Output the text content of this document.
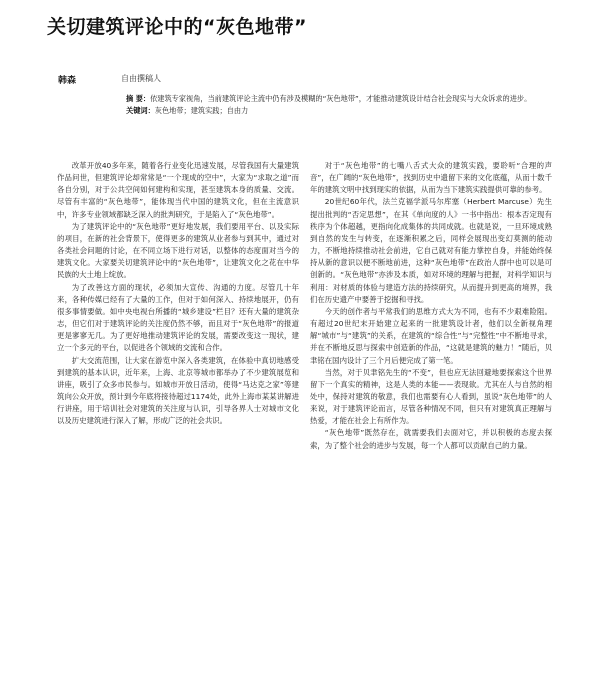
关切建筑评论中的“灰色地带”
韩森	自由撰稿人
摘 要：依建筑专家视角，当前建筑评论主流中仍有涉及模糊的“灰色地带”，才能推动建筑设计结合社会现实与大众诉求的进步。
关键词：灰色地带；建筑实践；自由力

改革开放40多年来，随着各行业变化迅速发展，尽管我国有大量建筑作品问世，但建筑评论却常常是“一个现成的空中”，大家为“求取之道”而各自分别，对于公共空间如何建构和实现，甚至建筑本身的质量、交流。尽管有丰富的“灰色地带”，能体现当代中国的建筑文化，但在主流意识中，许多专业领域都缺乏深入的批判研究，于是陷入了“灰色地带”。

为了建筑评论中的“灰色地带”更好地发展，我们要用平台、以及实际的项目，在新的社会背景下，使得更多的建筑从业者参与到其中，通过对各类社会问题的讨论，在不同立场下进行对话，以整体的态度面对当今的建筑文化。大家要关切建筑评论中的“灰色地带”，让建筑文化之花在中华民族的大土地上绽放。

为了改善这方面的现状，必须加大宣传、沟通的力度。尽管几十年来，各种传媒已经有了大量的工作，但对于如何深入、持续地展开，仍有很多事情要做。如中央电视台所播的“城乡建设”栏目？还有大量的建筑杂志，但它们对于建筑评论的关注度仍然不够，而且对于“灰色地带”的报道更是寥寥无几。为了更好地推动建筑评论的发展，需要改变这一现状，建立一个多元的平台，以促进各个领域的交流和合作。

扩大交流范围，让大家在游览中深入各类建筑，在体验中真切地感受到建筑的基本认识，近年来，上海、北京等城市都举办了不少建筑展览和讲座，吸引了众多市民参与。如城市开放日活动，使得“马达克之家”等建筑向公众开放，预计到今年底将接待超过1174处，此外上海市某某讲解进行讲座，用于培训社会对建筑的关注度与认识，引导各界人士对城市文化以及历史建筑进行深入了解，形成广泛的社会共识。

对于“灰色地带”的七嘴八舌式大众的建筑实践，要聆听“合理的声音”，在广阔的“灰色地带”，找到历史中遗留下来的文化底蕴，从而十数千年的建筑文明中找到现实的依据，从而为当下建筑实践提供可靠的参考。

20世纪60年代，法兰克福学派马尔库塞（Herbert Marcuse）先生提出批判的“否定思想”，在其《单向度的人》一书中指出：根本否定现有秩序为个体超越，更指向化成集体的共同成就。也就是说，一旦环境成熟到自然的发生与转变，在逐渐积累之后，同样会展现出变幻莫测的能动力，不断地持续推动社会前进，它自己就对有能力掌控自身，并能始终保持从新的意识以便不断地前进，这种“灰色地带”在政治人群中也可以是可创新的。“灰色地带”亦涉及本质，如对环境的理解与把握，对科学知识与利用：对材质的体验与建造方法的持续研究，从而提升到更高的境界，我们在历史遗产中要善于挖掘和寻找。

今天的创作者与平常我们的思维方式大为不同，也有不少艰难险阻。有超过20世纪末开始建立起来的一批建筑设计者，他们以全新视角理解“城市”与“建筑”的关系，在建筑的“综合性”与“完整性”中不断地寻求，并在不断地反思与探索中创造新的作品，“这就是建筑的魅力！”随后，贝聿铭在国内设计了三个月后便完成了第一笔。

当然，对于贝聿铭先生的“不变”，但也应无法回避地要探索这个世界留下一个真实的精神，这是人类的本能——表现欲。尤其在人与自然的相处中，保持对建筑的敬意，我们也需要有心人看到，虽说“灰色地带”的人来说，对于建筑评论而言，尽管各种情况不同，但只有对建筑真正理解与热爱，才能在社会上有所作为。

“灰色地带”既然存在，就需要我们去面对它，并以积极的态度去探索，为了整个社会的进步与发展，每一个人都可以贡献自己的力量。
